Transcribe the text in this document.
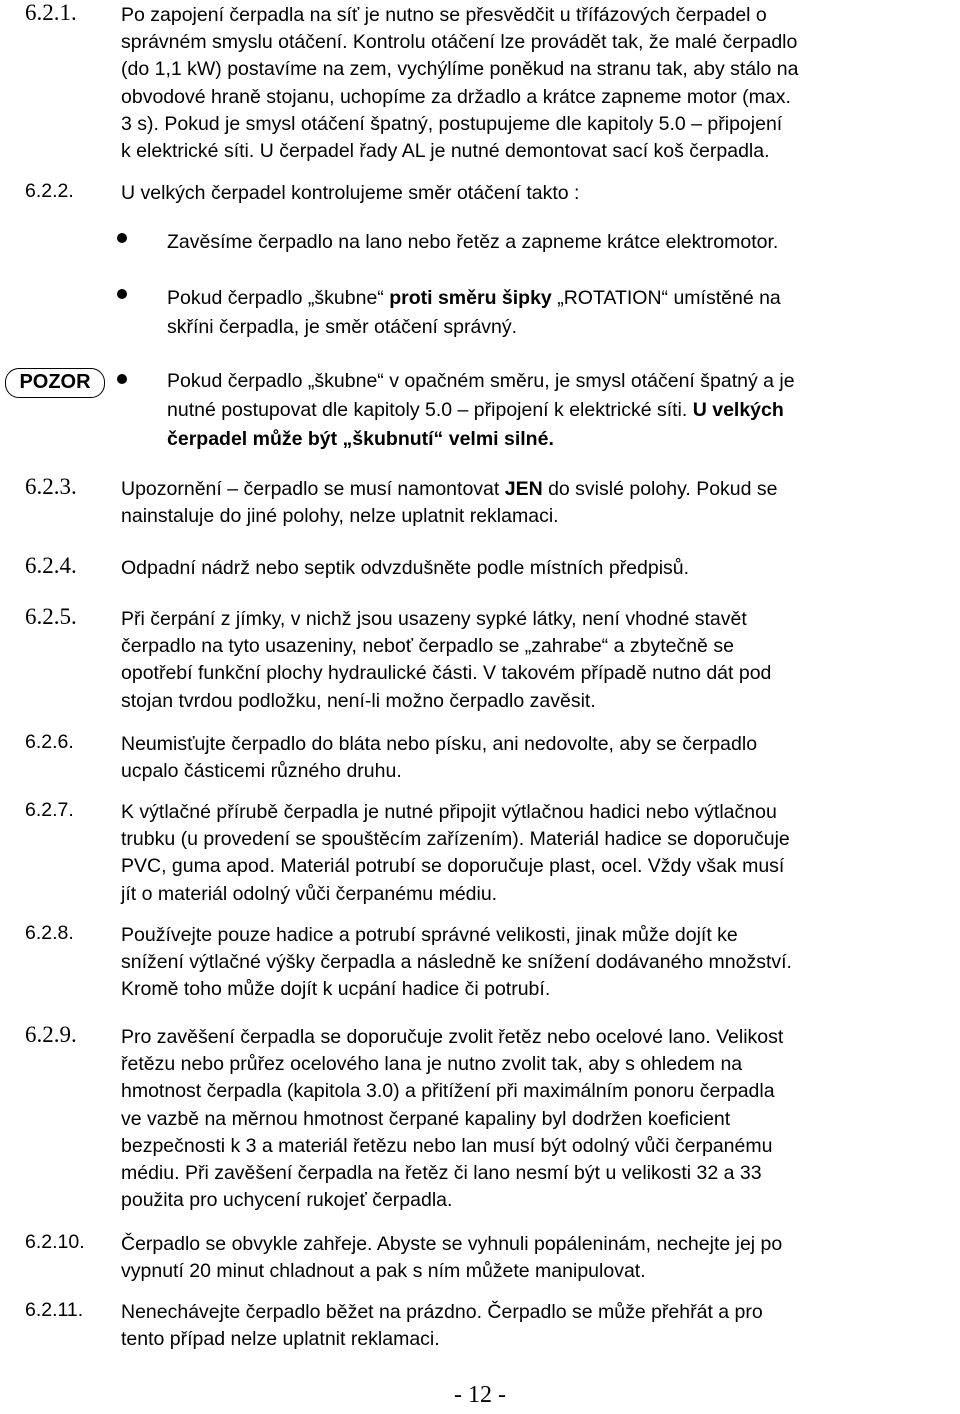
6.2.1. Po zapojení čerpadla na síť je nutno se přesvědčit u třífázových čerpadel o

správném smyslu otáčení. Kontrolu otáčení lze provádět tak, že malé čerpadlo

(do 1,1 kW) postavíme na zem, vychýlíme poněkud na stranu tak, aby stálo na

obvodové hraně stojanu, uchopíme za držadlo a krátce zapneme motor (max.

3 s). Pokud je smysl otáčení špatný, postupujeme dle kapitoly 5.0 – připojení

k elektrické síti. U čerpadel řady AL je nutné demontovat sací koš čerpadla.

6.2.2. U velkých čerpadel kontrolujeme směr otáčení takto :

Zavěsíme čerpadlo na lano nebo řetěz a zapneme krátce elektromotor.
Pokud čerpadlo „škubne“ proti směru šipky „ROTATION“ umístěné na
skříni čerpadla, je směr otáčení správný.
POZOR	Pokud čerpadlo „škubne“ v opačném směru, je smysl otáčení špatný a je
nutné postupovat dle kapitoly 5.0 – připojení k elektrické síti. U velkých
čerpadel může být „škubnutí“ velmi silné.
6.2.3. Upozornění – čerpadlo se musí namontovat JEN do svislé polohy. Pokud se

nainstaluje do jiné polohy, nelze uplatnit reklamaci.

6.2.4. Odpadní nádrž nebo septik odvzdušněte podle místních předpisů.

6.2.5. Při čerpání z jímky, v nichž jsou usazeny sypké látky, není vhodné stavět

čerpadlo na tyto usazeniny, neboť čerpadlo se „zahrabe“ a zbytečně se

opotřebí funkční plochy hydraulické části. V takovém případě nutno dát pod

stojan tvrdou podložku, není-li možno čerpadlo zavěsit.

6.2.6. Neumisťujte čerpadlo do bláta nebo písku, ani nedovolte, aby se čerpadlo

ucpalo částicemi různého druhu.

6.2.7. K výtlačné přírubě čerpadla je nutné připojit výtlačnou hadici nebo výtlačnou

trubku (u provedení se spouštěcím zařízením). Materiál hadice se doporučuje

PVC, guma apod. Materiál potrubí se doporučuje plast, ocel. Vždy však musí

jít o materiál odolný vůči čerpanému médiu.

6.2.8. Používejte pouze hadice a potrubí správné velikosti, jinak může dojít ke

snížení výtlačné výšky čerpadla a následně ke snížení dodávaného množství.

Kromě toho může dojít k ucpání hadice či potrubí.

6.2.9. Pro zavěšení čerpadla se doporučuje zvolit řetěz nebo ocelové lano. Velikost

řetězu nebo průřez ocelového lana je nutno zvolit tak, aby s ohledem na

hmotnost čerpadla (kapitola 3.0) a přitížení při maximálním ponoru čerpadla

ve vazbě na měrnou hmotnost čerpané kapaliny byl dodržen koeficient

bezpečnosti k 3 a materiál řetězu nebo lan musí být odolný vůči čerpanému

médiu. Při zavěšení čerpadla na řetěz či lano nesmí být u velikosti 32 a 33

použita pro uchycení rukojeť čerpadla.

6.2.10. Čerpadlo se obvykle zahřeje. Abyste se vyhnuli popáleninám, nechejte jej po

vypnutí 20 minut chladnout a pak s ním můžete manipulovat.

6.2.11. Nenechávejte čerpadlo běžet na prázdno. Čerpadlo se může přehřát a pro

tento případ nelze uplatnit reklamaci.

- 12 -
